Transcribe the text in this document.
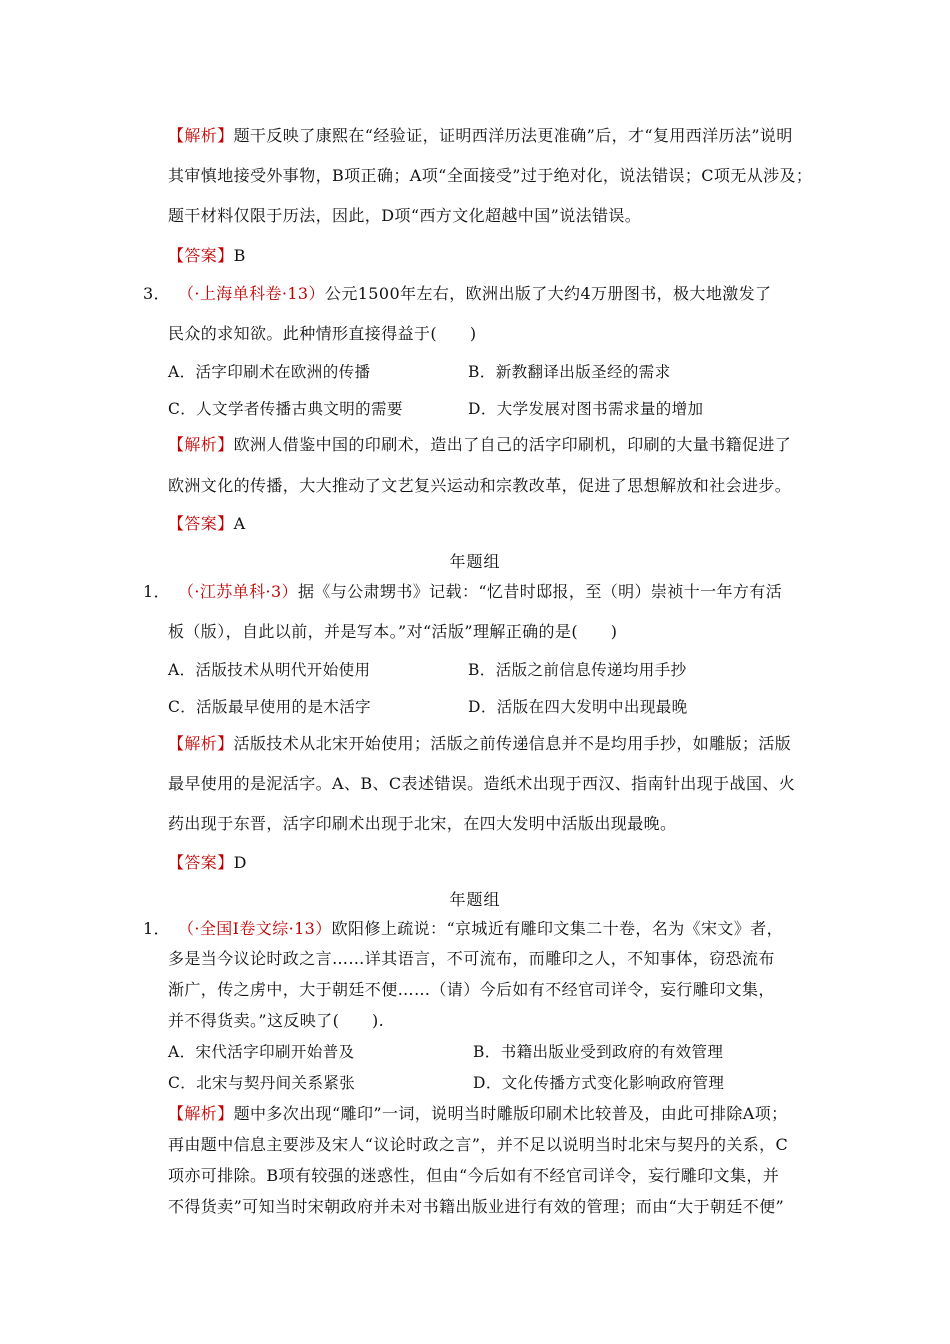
【解析】题干反映了康熙在“经验证，证明西洋历法更准确”后，才“复用西洋历法”说明
其审慎地接受外事物，B项正确；A项“全面接受”过于绝对化，说法错误；C项无从涉及；
题干材料仅限于历法，因此，D项“西方文化超越中国”说法错误。
【答案】B
3． （·上海单科卷·13）公元1500年左右，欧洲出版了大约4万册图书，极大地激发了
民众的求知欲。此种情形直接得益于(　　)
A．活字印刷术在欧洲的传播	B．新教翻译出版圣经的需求
C．人文学者传播古典文明的需要	D．大学发展对图书需求量的增加
【解析】欧洲人借鉴中国的印刷术，造出了自己的活字印刷机，印刷的大量书籍促进了
欧洲文化的传播，大大推动了文艺复兴运动和宗教改革，促进了思想解放和社会进步。
【答案】A
年题组
1． （·江苏单科·3）据《与公肃甥书》记载：“忆昔时邸报，至（明）崇祯十一年方有活
板（版），自此以前，并是写本。”对“活版”理解正确的是(　　)
A．活版技术从明代开始使用	B．活版之前信息传递均用手抄
C．活版最早使用的是木活字	D．活版在四大发明中出现最晚
【解析】活版技术从北宋开始使用；活版之前传递信息并不是均用手抄，如雕版；活版
最早使用的是泥活字。A、B、C表述错误。造纸术出现于西汉、指南针出现于战国、火
药出现于东晋，活字印刷术出现于北宋，在四大发明中活版出现最晚。
【答案】D
年题组
1． （·全国Ⅰ卷文综·13）欧阳修上疏说：“京城近有雕印文集二十卷，名为《宋文》者，
多是当今议论时政之言……详其语言，不可流布，而雕印之人，不知事体，窃恐流布
渐广，传之虏中，大于朝廷不便……（请）今后如有不经官司详令，妄行雕印文集，
并不得货卖。”这反映了(　　).
A．宋代活字印刷开始普及	B．书籍出版业受到政府的有效管理
C．北宋与契丹间关系紧张	D．文化传播方式变化影响政府管理
【解析】题中多次出现“雕印”一词，说明当时雕版印刷术比较普及，由此可排除A项；
再由题中信息主要涉及宋人“议论时政之言”，并不足以说明当时北宋与契丹的关系，C
项亦可排除。B项有较强的迷惑性，但由“今后如有不经官司详令，妄行雕印文集，并
不得货卖”可知当时宋朝政府并未对书籍出版业进行有效的管理；而由“大于朝廷不便”
